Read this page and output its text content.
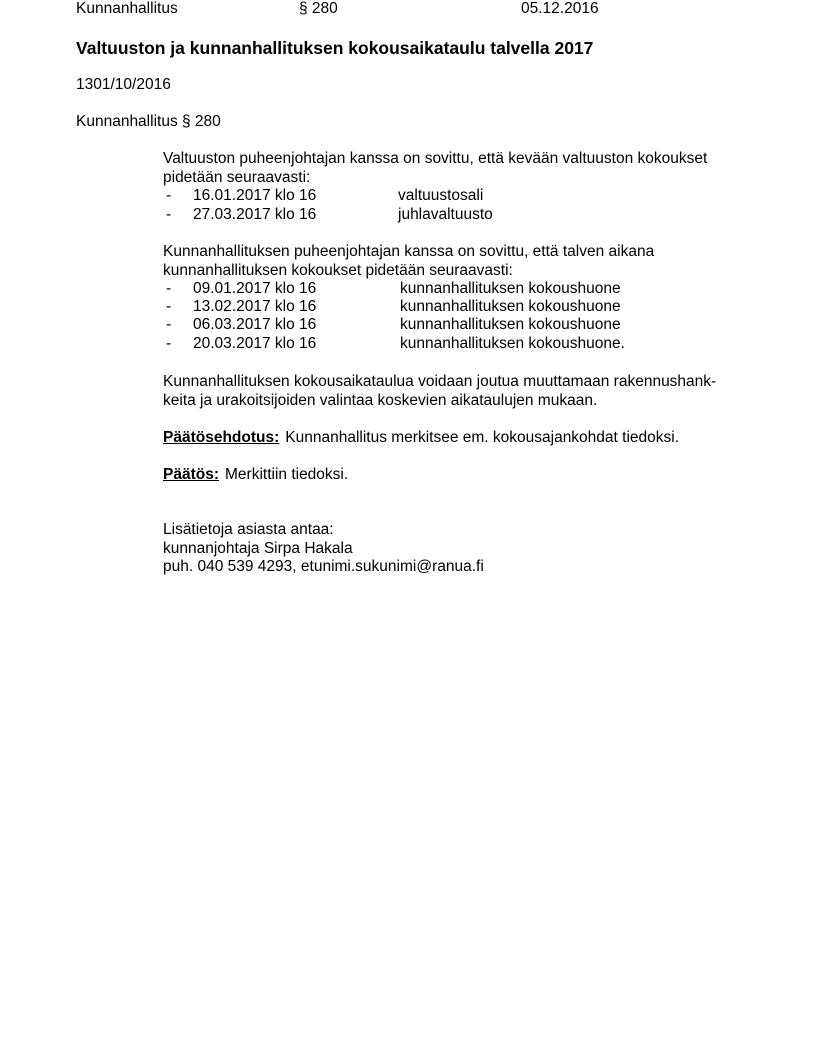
Kunnanhallitus	§ 280	05.12.2016
Valtuuston ja kunnanhallituksen kokousaikataulu talvella 2017
1301/10/2016
Kunnanhallitus § 280
Valtuuston puheenjohtajan kanssa on sovittu, että kevään valtuuston kokoukset
pidetään seuraavasti:
- 16.01.2017 klo 16	valtuustosali
- 27.03.2017 klo 16	juhlavaltuusto
Kunnanhallituksen puheenjohtajan kanssa on sovittu, että talven aikana
kunnanhallituksen kokoukset pidetään seuraavasti:
- 09.01.2017 klo 16	kunnanhallituksen kokoushuone
- 13.02.2017 klo 16	kunnanhallituksen kokoushuone
- 06.03.2017 klo 16	kunnanhallituksen kokoushuone
- 20.03.2017 klo 16	kunnanhallituksen kokoushuone.
Kunnanhallituksen kokousaikataulua voidaan joutua muuttamaan rakennushank-
keita ja urakoitsijoiden valintaa koskevien aikataulujen mukaan.
Päätösehdotus: Kunnanhallitus merkitsee em. kokousajankohdat tiedoksi.
Päätös: Merkittiin tiedoksi.
Lisätietoja asiasta antaa:
kunnanjohtaja Sirpa Hakala
puh. 040 539 4293, etunimi.sukunimi@ranua.fi
